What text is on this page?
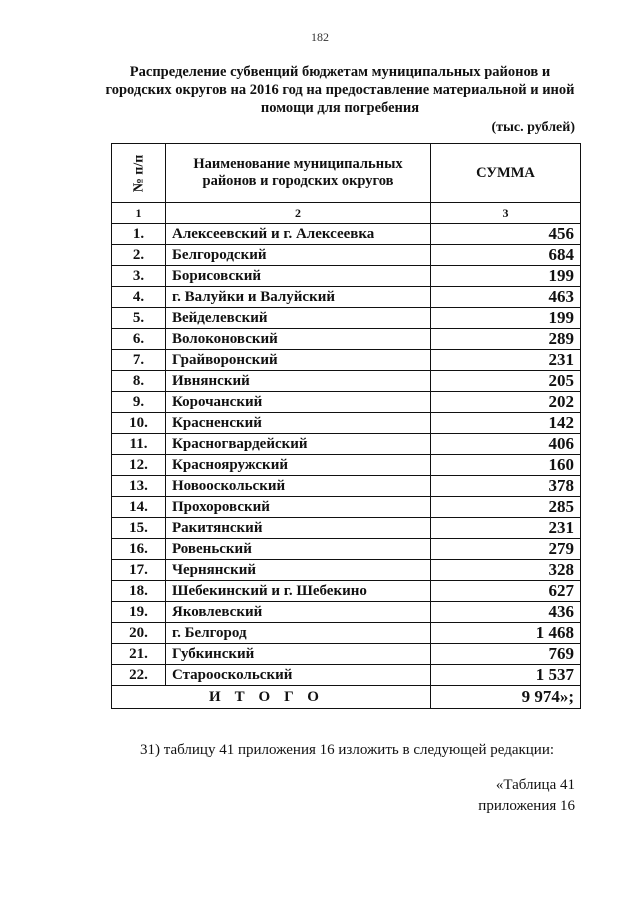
182
Распределение субвенций бюджетам муниципальных районов и городских округов на 2016 год на предоставление материальной и иной помощи для погребения
(тыс. рублей)
№ п/п	Наименование муниципальных районов и городских округов	СУММА
1	2	3
1.	Алексеевский и г. Алексеевка	456
2.	Белгородский	684
3.	Борисовский	199
4.	г. Валуйки и Валуйский	463
5.	Вейделевский	199
6.	Волоконовский	289
7.	Грайворонский	231
8.	Ивнянский	205
9.	Корочанский	202
10.	Красненский	142
11.	Красногвардейский	406
12.	Краснояружский	160
13.	Новооскольский	378
14.	Прохоровский	285
15.	Ракитянский	231
16.	Ровеньский	279
17.	Чернянский	328
18.	Шебекинский и г. Шебекино	627
19.	Яковлевский	436
20.	г. Белгород	1 468
21.	Губкинский	769
22.	Старооскольский	1 537
ИТОГО		9 974»;
31) таблицу 41 приложения 16 изложить в следующей редакции:
«Таблица 41
приложения 16
